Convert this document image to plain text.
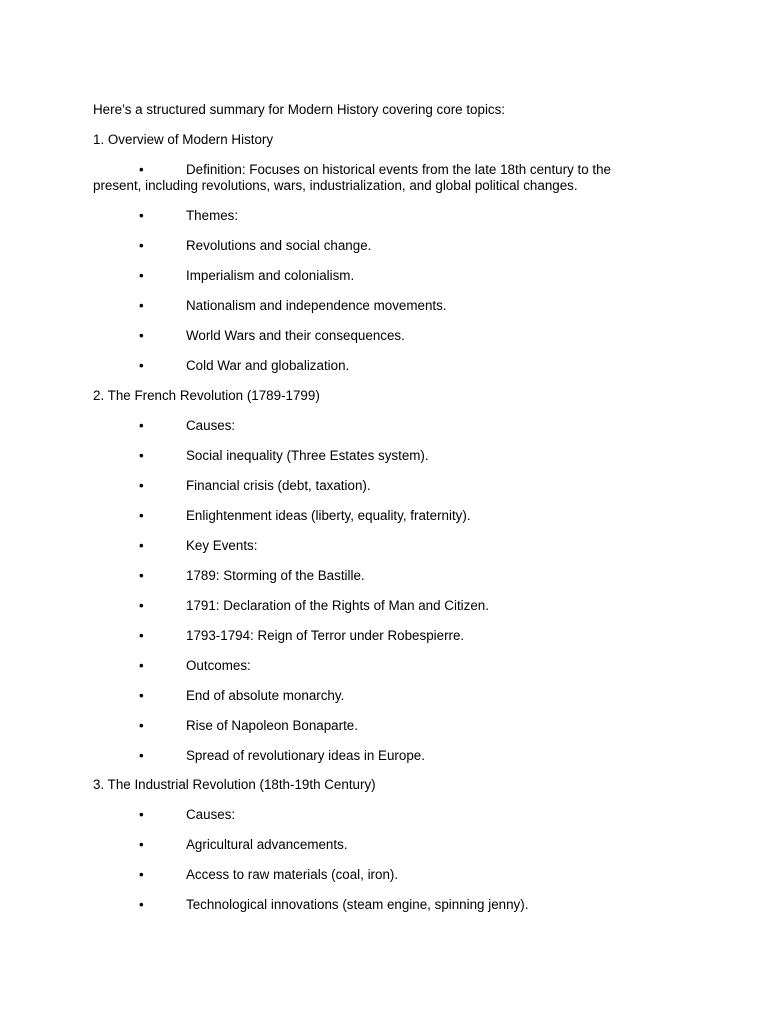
Here’s a structured summary for Modern History covering core topics:
1. Overview of Modern History
•	Definition: Focuses on historical events from the late 18th century to the
present, including revolutions, wars, industrialization, and global political changes.
•	Themes:
•	Revolutions and social change.
•	Imperialism and colonialism.
•	Nationalism and independence movements.
•	World Wars and their consequences.
•	Cold War and globalization.
2. The French Revolution (1789-1799)
•	Causes:
•	Social inequality (Three Estates system).
•	Financial crisis (debt, taxation).
•	Enlightenment ideas (liberty, equality, fraternity).
•	Key Events:
•	1789: Storming of the Bastille.
•	1791: Declaration of the Rights of Man and Citizen.
•	1793-1794: Reign of Terror under Robespierre.
•	Outcomes:
•	End of absolute monarchy.
•	Rise of Napoleon Bonaparte.
•	Spread of revolutionary ideas in Europe.
3. The Industrial Revolution (18th-19th Century)
•	Causes:
•	Agricultural advancements.
•	Access to raw materials (coal, iron).
•	Technological innovations (steam engine, spinning jenny).
